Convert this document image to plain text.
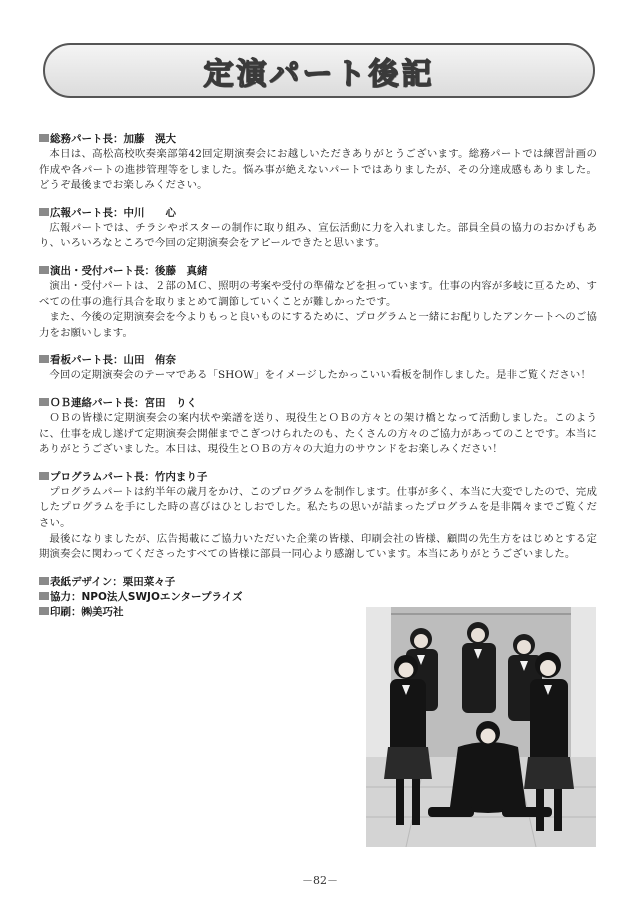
定演パート後記
総務パート長：加藤　滉大

本日は、高松高校吹奏楽部第42回定期演奏会にお越しいただきありがとうございます。総務パートでは練習計画の作成や各パートの進捗管理等をしました。悩み事が絶えないパートではありましたが、その分達成感もありました。どうぞ最後までお楽しみください。

広報パート長：中川　　心

広報パートでは、チラシやポスターの制作に取り組み、宣伝活動に力を入れました。部員全員の協力のおかげもあり、いろいろなところで今回の定期演奏会をアピールできたと思います。

演出・受付パート長：後藤　真緒

演出・受付パートは、２部のＭＣ、照明の考案や受付の準備などを担っています。仕事の内容が多岐に亘るため、すべての仕事の進行具合を取りまとめて調節していくことが難しかったです。

また、今後の定期演奏会を今よりもっと良いものにするために、プログラムと一緒にお配りしたアンケートへのご協力をお願いします。

看板パート長：山田　侑奈

今回の定期演奏会のテーマである「SHOW」をイメージしたかっこいい看板を制作しました。是非ご覧ください！

ＯＢ連絡パート長：宮田　りく

ＯＢの皆様に定期演奏会の案内状や楽譜を送り、現役生とＯＢの方々との架け橋となって活動しました。このように、仕事を成し遂げて定期演奏会開催までこぎつけられたのも、たくさんの方々のご協力があってのことです。本当にありがとうございました。本日は、現役生とＯＢの方々の大迫力のサウンドをお楽しみください！

プログラムパート長：竹内まり子

プログラムパートは約半年の歳月をかけ、このプログラムを制作します。仕事が多く、本当に大変でしたので、完成したプログラムを手にした時の喜びはひとしおでした。私たちの思いが詰まったプログラムを是非隅々までご覧ください。

最後になりましたが、広告掲載にご協力いただいた企業の皆様、印刷会社の皆様、顧問の先生方をはじめとする定期演奏会に関わってくださったすべての皆様に部員一同心より感謝しています。本当にありがとうございました。

表紙デザイン：栗田菜々子
協力：NPO法人SWJOエンタープライズ
印刷：㈱美巧社
－82－
